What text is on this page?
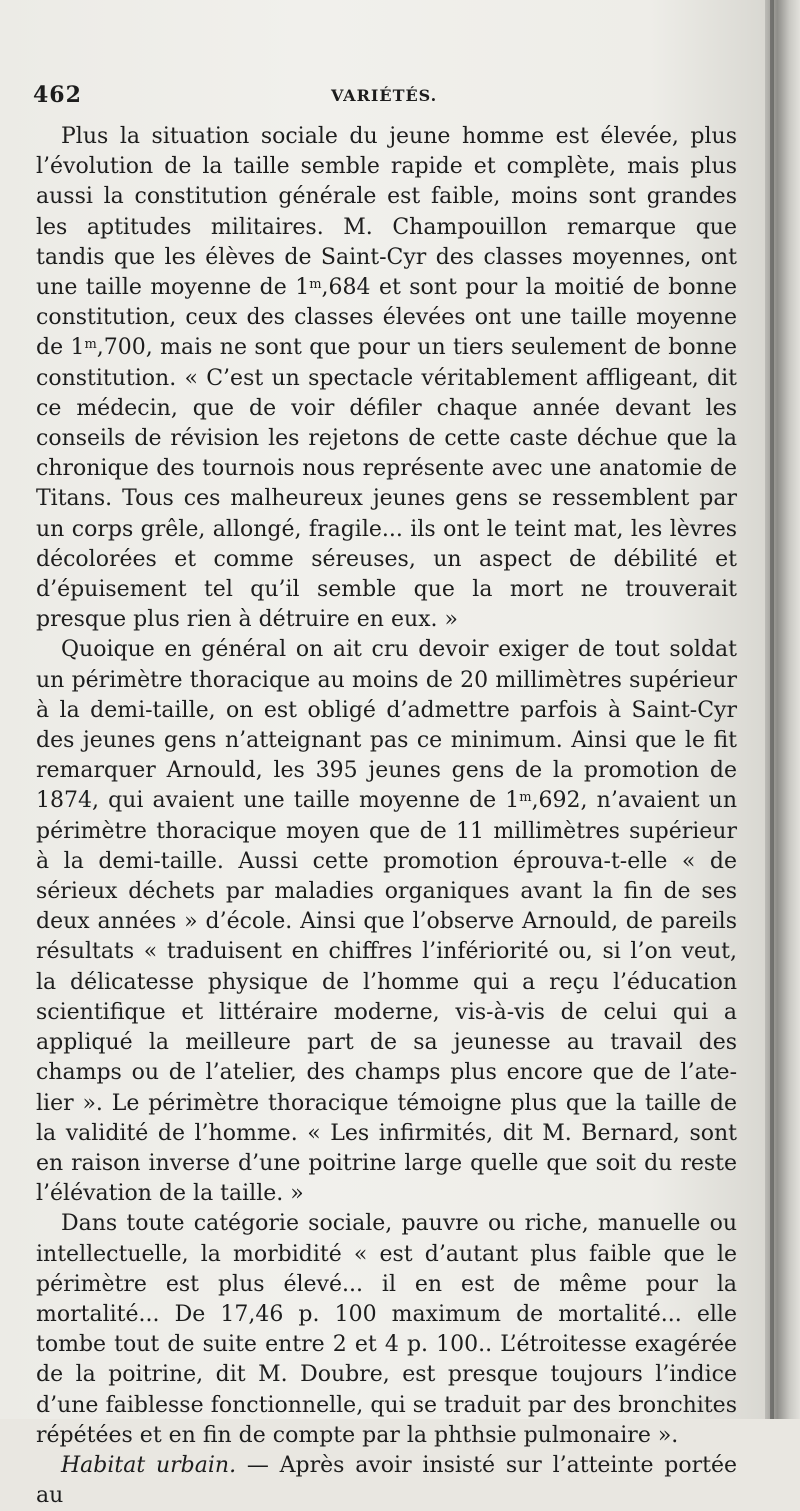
462	VARIÉTÉS.

Plus la situation sociale du jeune homme est élevée, plus l’évolution de la taille semble rapide et complète, mais plus aussi la constitution générale est faible, moins sont grandes les aptitudes militaires. M. Champouillon remarque que tandis que les élèves de Saint-Cyr des classes moyennes, ont une taille moyenne de 1$^m$,684 et sont pour la moitié de bonne constitution, ceux des classes élevées ont une taille moyenne de 1$^m$,700, mais ne sont que pour un tiers seulement de bonne constitution. « C’est un spectacle véritablement affligeant, dit ce médecin, que de voir défiler chaque année devant les conseils de révision les rejetons de cette caste déchue que la chronique des tournois nous représente avec une anatomie de Titans. Tous ces malheureux jeunes gens se ressemblent par un corps grêle, allongé, fragile... ils ont le teint mat, les lèvres décolorées et comme séreuses, un aspect de débilité et d’épuisement tel qu’il semble que la mort ne trouverait presque plus rien à détruire en eux. »

Quoique en général on ait cru devoir exiger de tout soldat un périmètre thoracique au moins de 20 millimètres supérieur à la demi-taille, on est obligé d’admettre parfois à Saint-Cyr des jeunes gens n’atteignant pas ce minimum. Ainsi que le fit remarquer Arnould, les 395 jeunes gens de la promotion de 1874, qui avaient une taille moyenne de 1$^m$,692, n’avaient un périmètre thoracique moyen que de 11 millimètres supérieur à la demi-taille. Aussi cette promotion éprouva-t-elle « de sérieux déchets par maladies organiques avant la fin de ses deux années » d’école. Ainsi que l’observe Arnould, de pareils résultats « traduisent en chiffres l’infériorité ou, si l’on veut, la délicatesse physique de l’homme qui a reçu l’éducation scientifique et littéraire moderne, vis-à-vis de celui qui a appliqué la meilleure part de sa jeunesse au travail des champs ou de l’atelier, des champs plus encore que de l’atelier ». Le périmètre thoracique témoigne plus que la taille de la validité de l’homme. « Les infirmités, dit M. Bernard, sont en raison inverse d’une poitrine large quelle que soit du reste l’élévation de la taille. »

Dans toute catégorie sociale, pauvre ou riche, manuelle ou intellectuelle, la morbidité « est d’autant plus faible que le périmètre est plus élevé... il en est de même pour la mortalité... De 17,46 p. 100 maximum de mortalité... elle tombe tout de suite entre 2 et 4 p. 100.. L’étroitesse exagérée de la poitrine, dit M. Doubre, est presque toujours l’indice d’une faiblesse fonctionnelle, qui se traduit par des bronchites répétées et en fin de compte par la phthsie pulmonaire ».

Habitat urbain. — Après avoir insisté sur l’atteinte portée au
